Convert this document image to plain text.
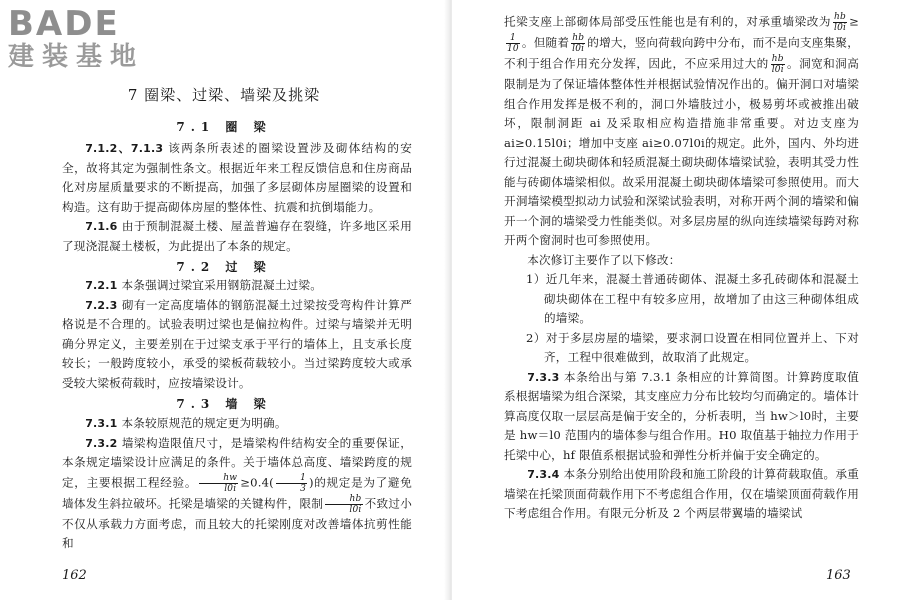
BADE
建装基地
7 圈梁、过梁、墙梁及挑梁
7.1 圈 梁

7.1.2、7.1.3 该两条所表述的圈梁设置涉及砌体结构的安全，故将其定为强制性条文。根据近年来工程反馈信息和住房商品化对房屋质量要求的不断提高，加强了多层砌体房屋圈梁的设置和构造。这有助于提高砌体房屋的整体性、抗震和抗倒塌能力。

7.1.6 由于预制混凝土楼、屋盖普遍存在裂缝，许多地区采用了现浇混凝土楼板，为此提出了本条的规定。

7.2 过 梁

7.2.1 本条强调过梁宜采用钢筋混凝土过梁。

7.2.3 砌有一定高度墙体的钢筋混凝土过梁按受弯构件计算严格说是不合理的。试验表明过梁也是偏拉构件。过梁与墙梁并无明确分界定义，主要差别在于过梁支承于平行的墙体上，且支承长度较长；一般跨度较小，承受的梁板荷载较小。当过梁跨度较大或承受较大梁板荷载时，应按墙梁设计。

7.3 墙 梁

7.3.1 本条较原规范的规定更为明确。

7.3.2 墙梁构造限值尺寸，是墙梁构件结构安全的重要保证，本条规定墙梁设计应满足的条件。关于墙体总高度、墙梁跨度的规定，主要根据工程经验。 $\frac{hw}{l0i} \ge 0.4( \frac{1}{3}$ )的规定是为了避免墙体发生斜拉破坏。托梁是墙梁的关键构件，限制 $\frac{hb}{l0i}$ 不致过小不仅从承载力方面考虑，而且较大的托梁刚度对改善墙体抗剪性能和

162

托梁支座上部砌体局部受压性能也是有利的，对承重墙梁改为 $\frac{hb}{l0i}$ ≥
$\frac{1}{10}$ 。但随着 $\frac{hb}{l0i}$ 的增大，竖向荷载向跨中分布，而不是向支座集聚，不利于组合作用充分发挥，因此，不应采用过大的 $\frac{hb}{l0i}$ 。洞宽和洞高限制是为了保证墙体整体性并根据试验情况作出的。偏开洞口对墙梁组合作用发挥是极不利的，洞口外墙肢过小，极易剪坏或被推出破坏，限制洞距 ai 及采取相应构造措施非常重要。对边支座为 ai≥0.15l0i；增加中支座 ai≥0.07l0i的规定。此外，国内、外均进行过混凝土砌块砌体和轻质混凝土砌块砌体墙梁试验，表明其受力性能与砖砌体墙梁相似。故采用混凝土砌块砌体墙梁可参照使用。而大开洞墙梁模型拟动力试验和深梁试验表明，对称开两个洞的墙梁和偏开一个洞的墙梁受力性能类似。对多层房屋的纵向连续墙梁每跨对称开两个窗洞时也可参照使用。

本次修订主要作了以下修改：

1）近几年来，混凝土普通砖砌体、混凝土多孔砖砌体和混凝土砌块砌体在工程中有较多应用，故增加了由这三种砌体组成的墙梁。

2）对于多层房屋的墙梁，要求洞口设置在相同位置并上、下对齐，工程中很难做到，故取消了此规定。

7.3.3 本条给出与第 7.3.1 条相应的计算简图。计算跨度取值系根据墙梁为组合深梁，其支座应力分布比较均匀而确定的。墙体计算高度仅取一层层高是偏于安全的，分析表明，当 hw＞l0时，主要是 hw＝l0 范围内的墙体参与组合作用。H0 取值基于轴拉力作用于托梁中心，hf 限值系根据试验和弹性分析并偏于安全确定的。

7.3.4 本条分别给出使用阶段和施工阶段的计算荷载取值。承重墙梁在托梁顶面荷载作用下不考虑组合作用，仅在墙梁顶面荷载作用下考虑组合作用。有限元分析及 2 个两层带翼墙的墙梁试

163
